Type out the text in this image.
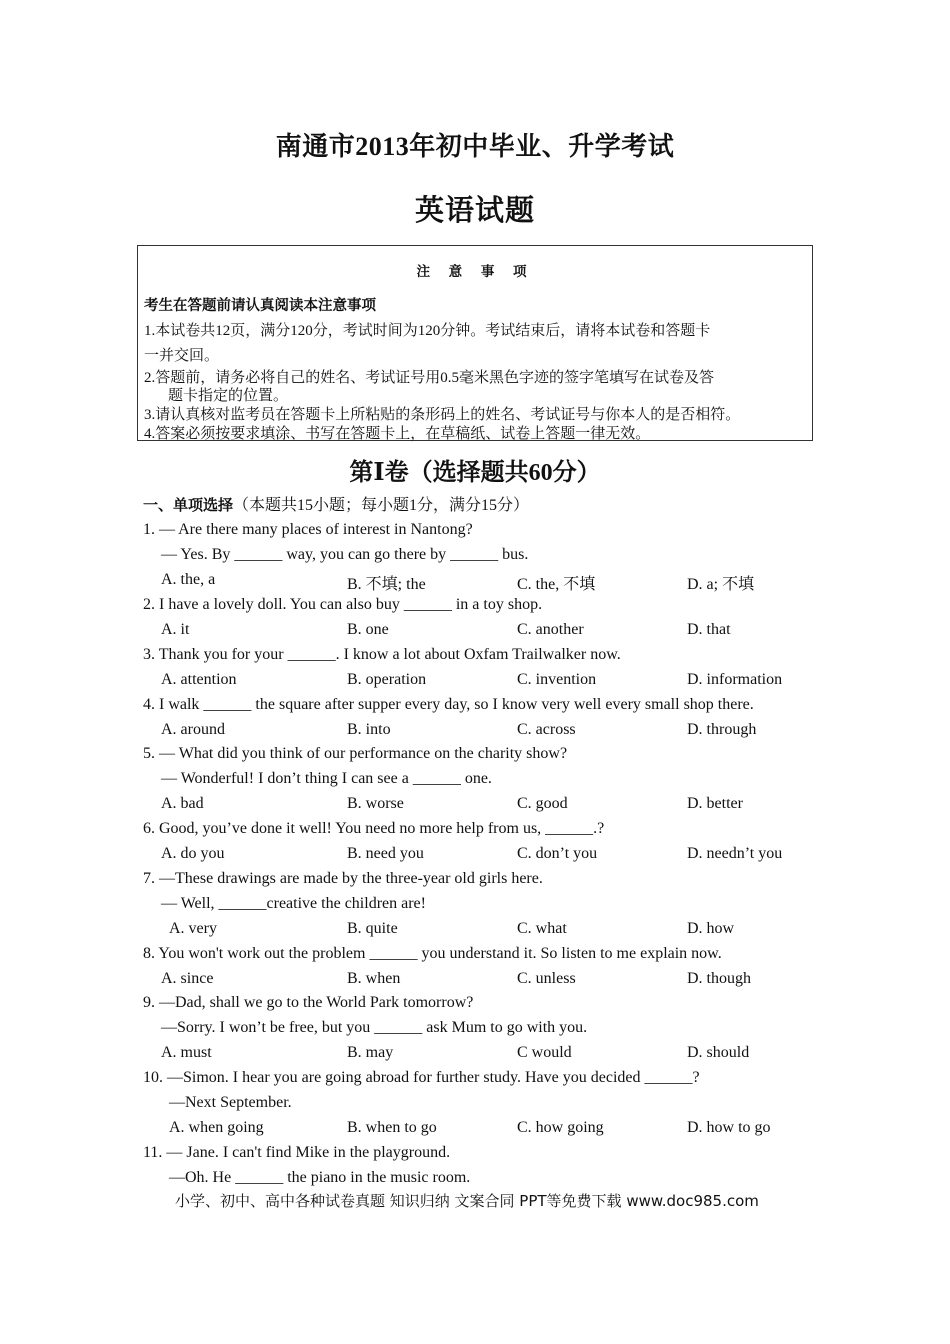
南通市2013年初中毕业、升学考试
英语试题
注 意 事 项
考生在答题前请认真阅读本注意事项
1.本试卷共12页，满分120分，考试时间为120分钟。考试结束后，请将本试卷和答题卡
一并交回。
2.答题前，请务必将自己的姓名、考试证号用0.5毫米黑色字迹的签字笔填写在试卷及答
题卡指定的位置。
3.请认真核对监考员在答题卡上所粘贴的条形码上的姓名、考试证号与你本人的是否相符。
4.答案必须按要求填涂、书写在答题卡上，在草稿纸、试卷上答题一律无效。
第Ⅰ卷（选择题共60分）
一、单项选择（本题共15小题；每小题1分，满分15分）
1. — Are there many places of interest in Nantong?
— Yes. By ______ way, you can go there by ______ bus.
A. the, a	B. 不填; the	C. the, 不填	D. a; 不填
2. I have a lovely doll. You can also buy ______ in a toy shop.
A. it	B. one	C. another	D. that
3. Thank you for your ______. I know a lot about Oxfam Trailwalker now.
A. attention	B. operation	C. invention	D. information
4. I walk ______ the square after supper every day, so I know very well every small shop there.
A. around	B. into	C. across	D. through
5. — What did you think of our performance on the charity show?
— Wonderful! I don’t thing I can see a ______ one.
A. bad	B. worse	C. good	D. better
6. Good, you’ve done it well! You need no more help from us, ______.?
A. do you	B. need you	C. don’t you	D. needn’t you
7. —These drawings are made by the three-year old girls here.
— Well, ______creative the children are!
A. very	B. quite	C. what	D. how
8. You won't work out the problem ______ you understand it. So listen to me explain now.
A. since	B. when	C. unless	D. though
9. —Dad, shall we go to the World Park tomorrow?
—Sorry. I won’t be free, but you ______ ask Mum to go with you.
A. must	B. may	C would	D. should
10. —Simon. I hear you are going abroad for further study. Have you decided ______?
—Next September.
A. when going	B. when to go	C. how going	D. how to go
11. — Jane. I can't find Mike in the playground.
—Oh. He ______ the piano in the music room.
小学、初中、高中各种试卷真题 知识归纳 文案合同 PPT等免费下载 www.doc985.com
